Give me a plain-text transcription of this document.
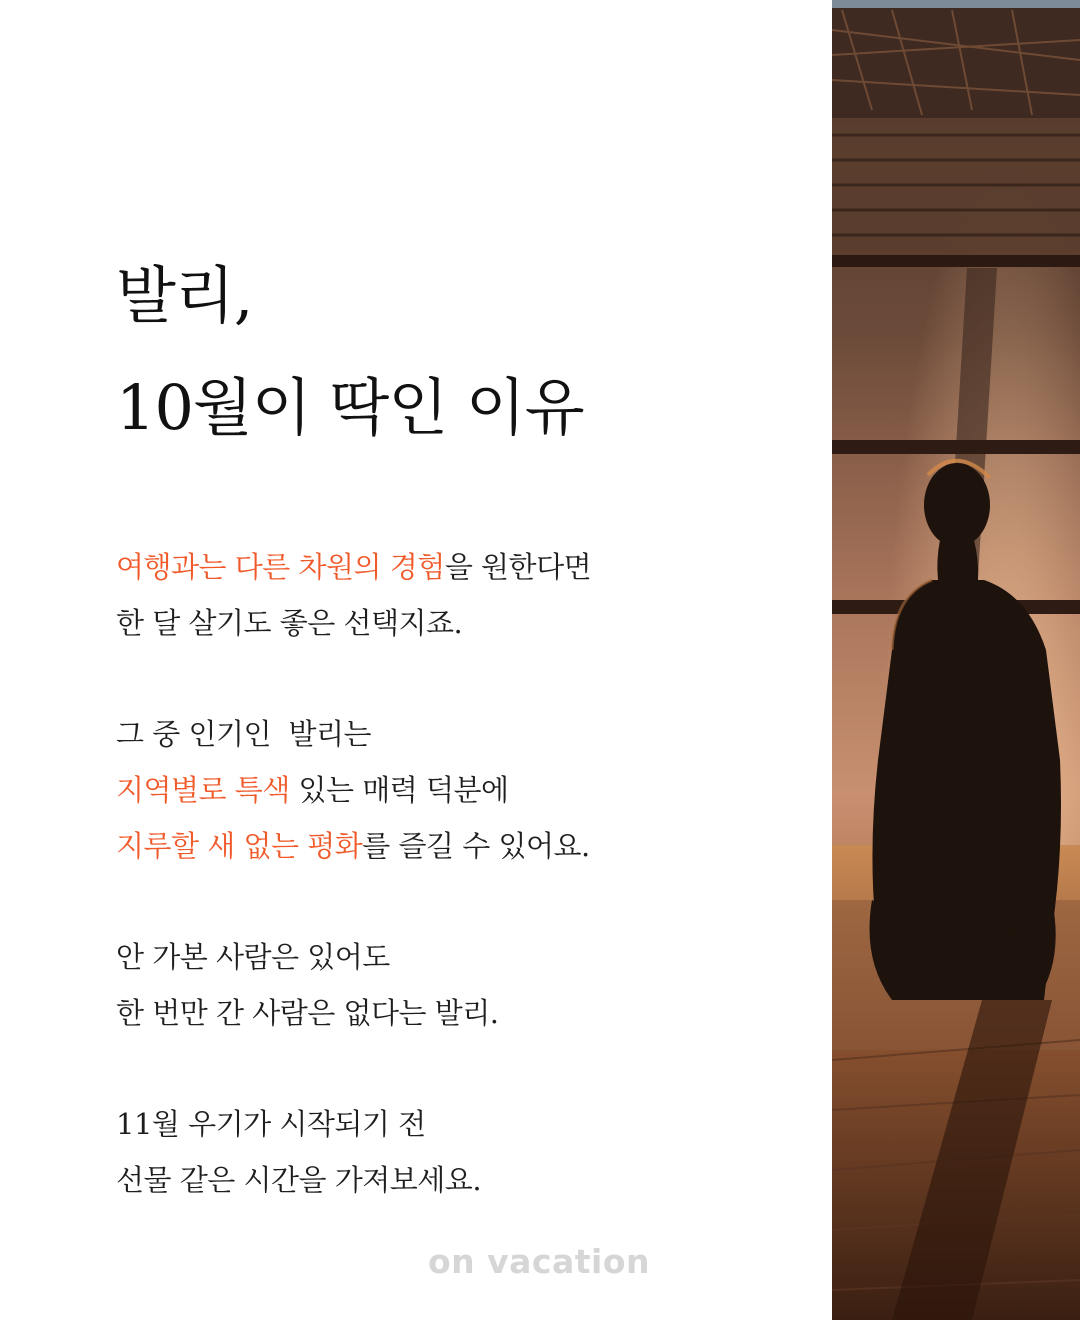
발리,
10월이 딱인 이유

여행과는 다른 차원의 경험을 원한다면
한 달 살기도 좋은 선택지죠.

그 중 인기인  발리는
지역별로 특색 있는 매력 덕분에
지루할 새 없는 평화를 즐길 수 있어요.

안 가본 사람은 있어도
한 번만 간 사람은 없다는 발리.

11월 우기가 시작되기 전
선물 같은 시간을 가져보세요.

on vacation
